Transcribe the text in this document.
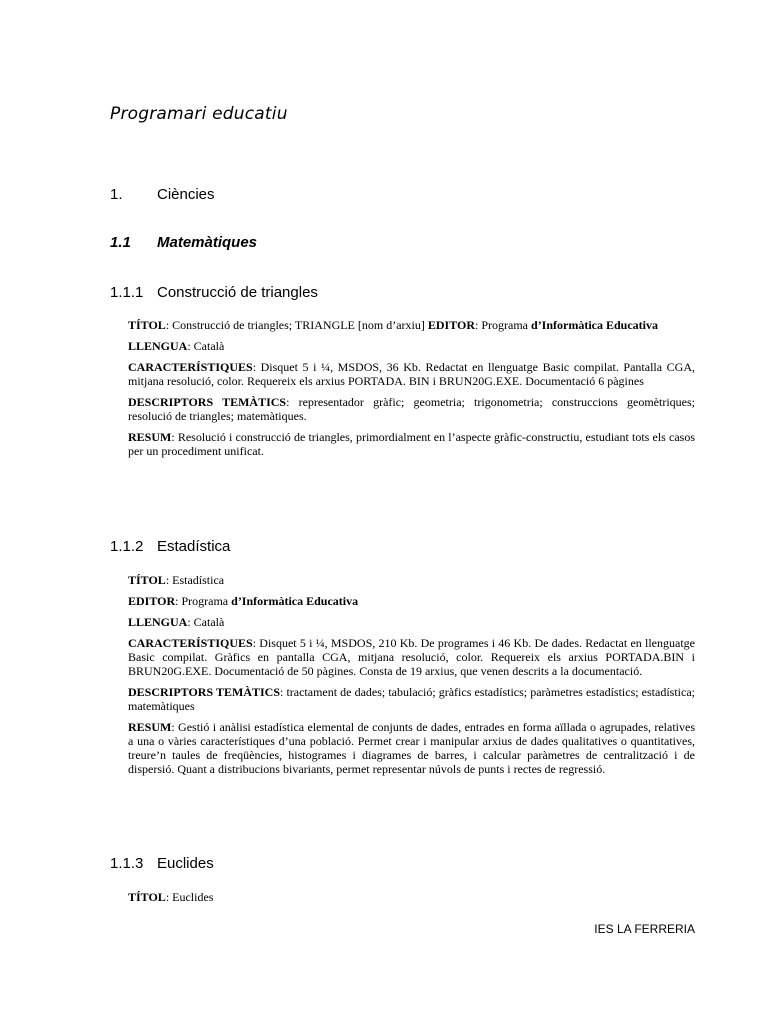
Programari educatiu
1. Ciències
1.1 Matemàtiques
1.1.1 Construcció de triangles

TÍTOL: Construcció de triangles; TRIANGLE [nom d’arxiu] EDITOR: Programa d’Informàtica Educativa

LLENGUA: Català

CARACTERÍSTIQUES: Disquet 5 i ¼, MSDOS, 36 Kb. Redactat en llenguatge Basic compilat. Pantalla CGA, mitjana resolució, color. Requereix els arxius PORTADA. BIN i BRUN20G.EXE. Documentació 6 pàgines

DESCRIPTORS TEMÀTICS: representador gràfic; geometria; trigonometria; construccions geomètriques; resolució de triangles; matemàtiques.

RESUM: Resolució i construcció de triangles, primordialment en l’aspecte gràfic-constructiu, estudiant tots els casos per un procediment unificat.

1.1.2 Estadística

TÍTOL: Estadística

EDITOR: Programa d’Informàtica Educativa

LLENGUA: Català

CARACTERÍSTIQUES: Disquet 5 i ¼, MSDOS, 210 Kb. De programes i 46 Kb. De dades. Redactat en llenguatge Basic compilat. Gràfics en pantalla CGA, mitjana resolució, color. Requereix els arxius PORTADA.BIN i BRUN20G.EXE. Documentació de 50 pàgines. Consta de 19 arxius, que venen descrits a la documentació.

DESCRIPTORS TEMÀTICS: tractament de dades; tabulació; gràfics estadístics; paràmetres estadístics; estadística; matemàtiques

RESUM: Gestió i anàlisi estadística elemental de conjunts de dades, entrades en forma aïllada o agrupades, relatives a una o vàries característiques d’una població. Permet crear i manipular arxius de dades qualitatives o quantitatives, treure’n taules de freqüències, histogrames i diagrames de barres, i calcular paràmetres de centralització i de dispersió. Quant a distribucions bivariants, permet representar núvols de punts i rectes de regressió.

1.1.3 Euclides

TÍTOL: Euclides

IES LA FERRERIA
